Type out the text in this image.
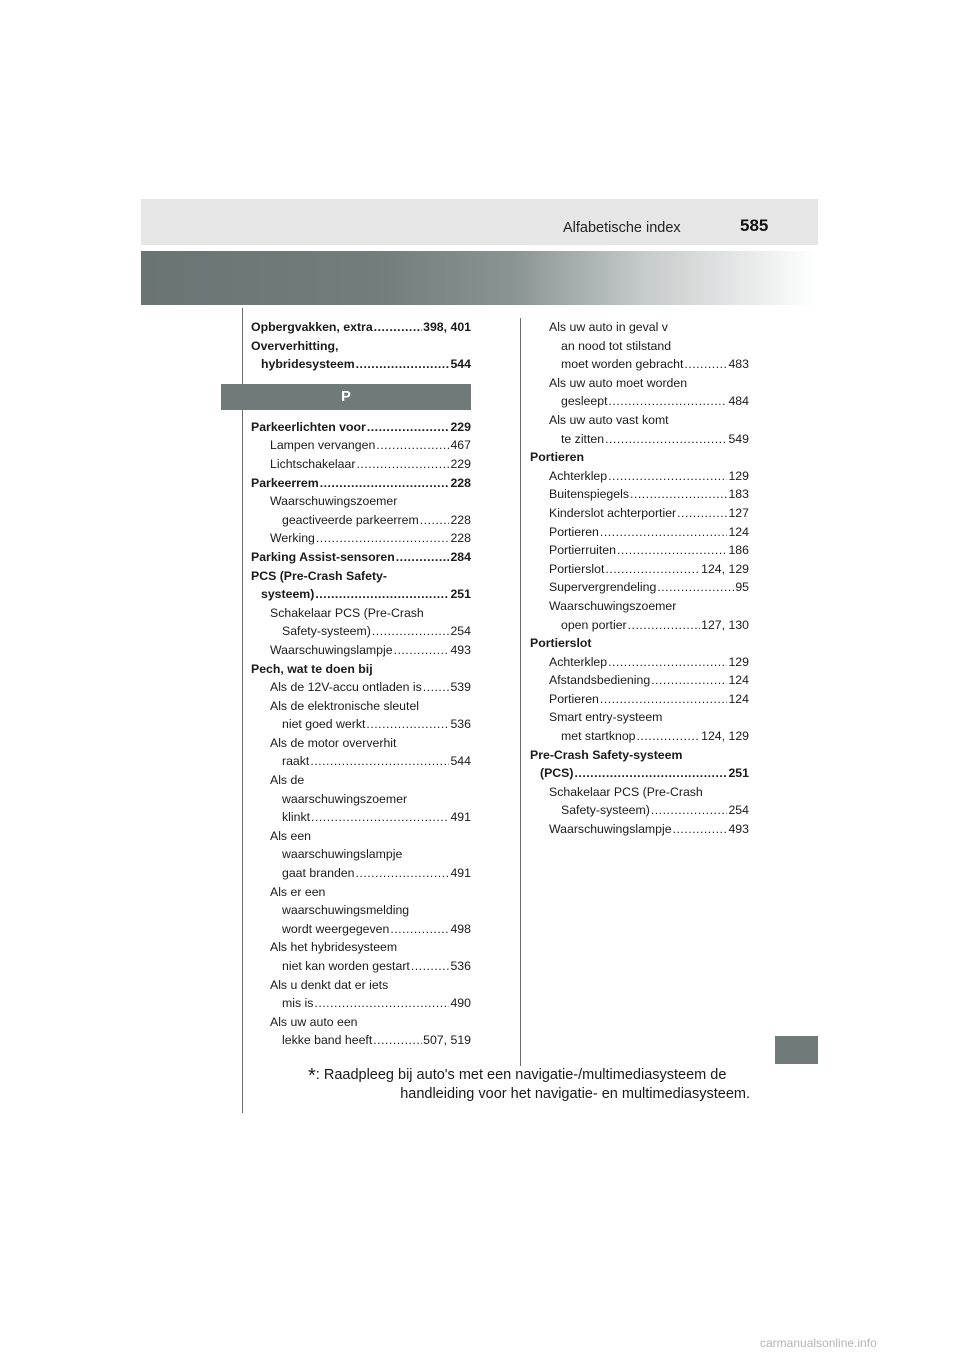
Alfabetische index	585
Opbergvakken, extra .....	398, 401
Oververhitting,
hybridesysteem .....	544
P
Parkeerlichten voor .....	229
Lampen vervangen .....	467
Lichtschakelaar .....	229
Parkeerrem .....	228
Waarschuwingszoemer
geactiveerde parkeerrem .....	228
Werking .....	228
Parking Assist-sensoren .....	284
PCS (Pre-Crash Safety-
systeem) .....	251
Schakelaar PCS (Pre-Crash
Safety-systeem) .....	254
Waarschuwingslampje .....	493
Pech, wat te doen bij
Als de 12V-accu ontladen is ..... 539
Als de elektronische sleutel
niet goed werkt .....	536
Als de motor oververhit
raakt .....	544
Als de
waarschuwingszoemer
klinkt .....	491
Als een
waarschuwingslampje
gaat branden .....	491
Als er een
waarschuwingsmelding
wordt weergegeven .....	498
Als het hybridesysteem
niet kan worden gestart .....	536
Als u denkt dat er iets
mis is .....	490
Als uw auto een
lekke band heeft .....	507, 519
Als uw auto in geval v
an nood tot stilstand
moet worden gebracht .....	483
Als uw auto moet worden
gesleept .....	484
Als uw auto vast komt
te zitten .....	549
Portieren
Achterklep .....	129
Buitenspiegels .....	183
Kinderslot achterportier .....	127
Portieren .....	124
Portierruiten .....	186
Portierslot .....	124, 129
Supervergrendeling .....	95
Waarschuwingszoemer
open portier .....	127, 130
Portierslot
Achterklep .....	129
Afstandsbediening .....	124
Portieren .....	124
Smart entry-systeem
met startknop .....	124, 129
Pre-Crash Safety-systeem
(PCS) .....	251
Schakelaar PCS (Pre-Crash
Safety-systeem) .....	254
Waarschuwingslampje .....	493
*: Raadpleeg bij auto's met een navigatie-/multimediasysteem de
handleiding voor het navigatie- en multimediasysteem.
carmanualsonline.info
